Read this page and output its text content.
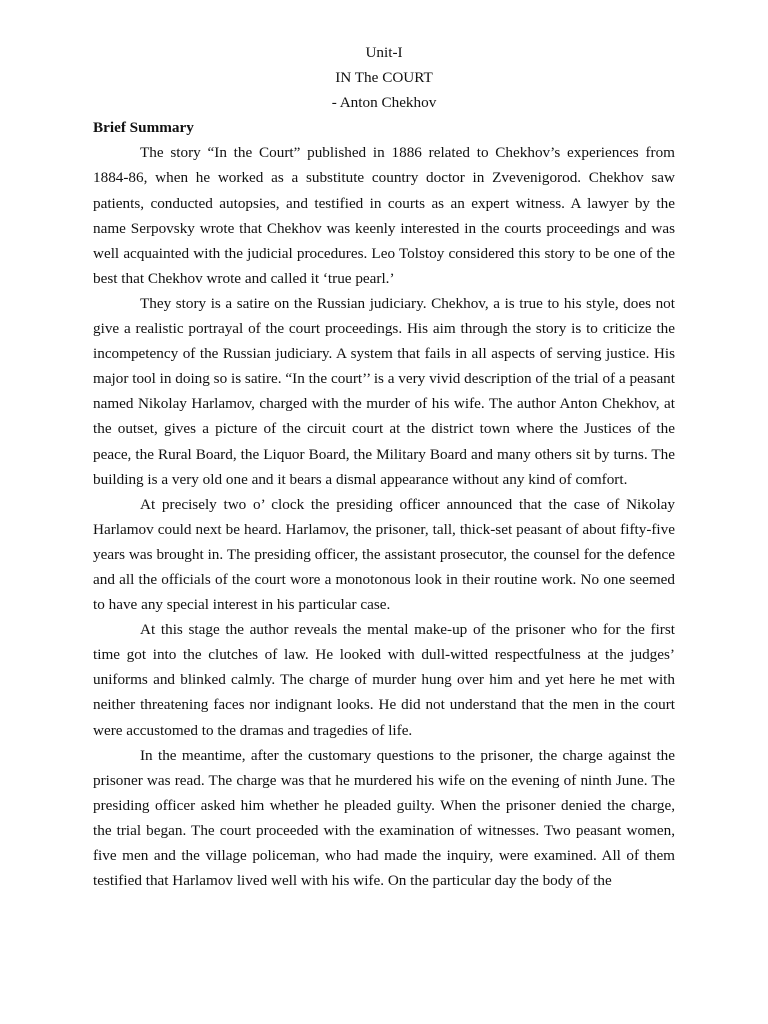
Unit-I
IN The COURT
- Anton Chekhov
Brief Summary

The story “In the Court” published in 1886 related to Chekhov’s experiences from 1884-86, when he worked as a substitute country doctor in Zvevenigorod. Chekhov saw patients, conducted autopsies, and testified in courts as an expert witness. A lawyer by the name Serpovsky wrote that Chekhov was keenly interested in the courts proceedings and was well acquainted with the judicial procedures. Leo Tolstoy considered this story to be one of the best that Chekhov wrote and called it ‘true pearl.’

They story is a satire on the Russian judiciary. Chekhov, a is true to his style, does not give a realistic portrayal of the court proceedings. His aim through the story is to criticize the incompetency of the Russian judiciary. A system that fails in all aspects of serving justice. His major tool in doing so is satire. “In the court’’ is a very vivid description of the trial of a peasant named Nikolay Harlamov, charged with the murder of his wife. The author Anton Chekhov, at the outset, gives a picture of the circuit court at the district town where the Justices of the peace, the Rural Board, the Liquor Board, the Military Board and many others sit by turns. The building is a very old one and it bears a dismal appearance without any kind of comfort.

At precisely two o’ clock the presiding officer announced that the case of Nikolay Harlamov could next be heard. Harlamov, the prisoner, tall, thick-set peasant of about fifty-five years was brought in. The presiding officer, the assistant prosecutor, the counsel for the defence and all the officials of the court wore a monotonous look in their routine work. No one seemed to have any special interest in his particular case.

At this stage the author reveals the mental make-up of the prisoner who for the first time got into the clutches of law. He looked with dull-witted respectfulness at the judges’ uniforms and blinked calmly. The charge of murder hung over him and yet here he met with neither threatening faces nor indignant looks. He did not understand that the men in the court were accustomed to the dramas and tragedies of life.

In the meantime, after the customary questions to the prisoner, the charge against the prisoner was read. The charge was that he murdered his wife on the evening of ninth June. The presiding officer asked him whether he pleaded guilty. When the prisoner denied the charge, the trial began. The court proceeded with the examination of witnesses. Two peasant women, five men and the village policeman, who had made the inquiry, were examined. All of them testified that Harlamov lived well with his wife. On the particular day the body of the
